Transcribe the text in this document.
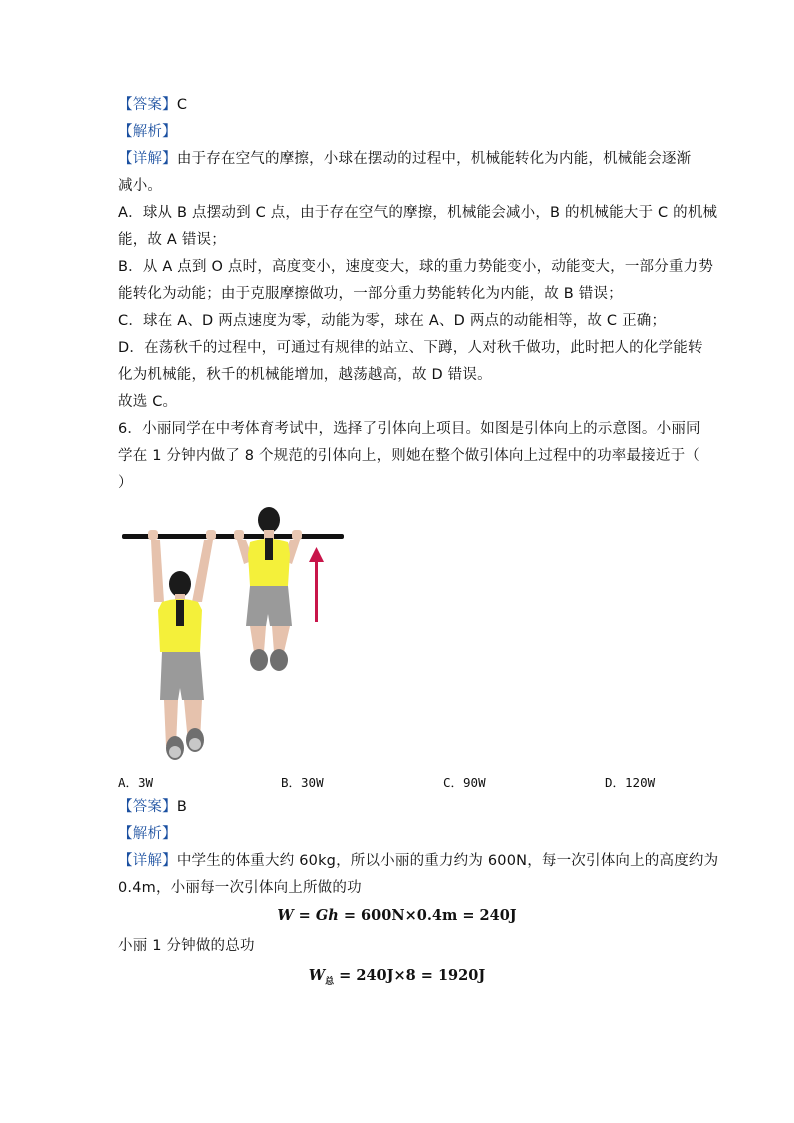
【答案】C
【解析】
【详解】由于存在空气的摩擦，小球在摆动的过程中，机械能转化为内能，机械能会逐渐
减小。
A．球从 B 点摆动到 C 点，由于存在空气的摩擦，机械能会减小，B 的机械能大于 C 的机械
能，故 A 错误；
B．从 A 点到 O 点时，高度变小，速度变大，球的重力势能变小，动能变大，一部分重力势
能转化为动能；由于克服摩擦做功，一部分重力势能转化为内能，故 B 错误；
C．球在 A、D 两点速度为零，动能为零，球在 A、D 两点的动能相等，故 C 正确；
D．在荡秋千的过程中，可通过有规律的站立、下蹲，人对秋千做功，此时把人的化学能转
化为机械能，秋千的机械能增加，越荡越高，故 D 错误。
故选 C。
6．小丽同学在中考体育考试中，选择了引体向上项目。如图是引体向上的示意图。小丽同
学在 1 分钟内做了 8 个规范的引体向上，则她在整个做引体向上过程中的功率最接近于（
）
A．3W	B．30W	C．90W	D．120W
【答案】B
【解析】
【详解】中学生的体重大约 60kg，所以小丽的重力约为 600N，每一次引体向上的高度约为
0.4m，小丽每一次引体向上所做的功
W = Gh = 600N×0.4m = 240J
小丽 1 分钟做的总功
$W_总 = 240J\times 8 = 1920J$
